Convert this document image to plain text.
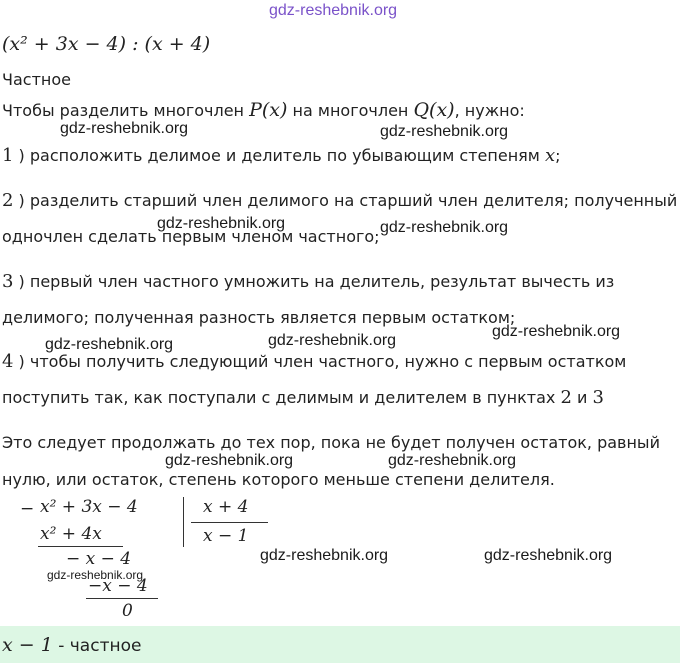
gdz-reshebnik.org
gdz-reshebnik.org	gdz-reshebnik.org
gdz-reshebnik.org	gdz-reshebnik.org
gdz-reshebnik.org
gdz-reshebnik.org	gdz-reshebnik.org
gdz-reshebnik.org	gdz-reshebnik.org
gdz-reshebnik.org	gdz-reshebnik.org
gdz-reshebnik.org
(x² + 3x − 4) : (x + 4)
Частное
Чтобы разделить многочлен P(x) на многочлен Q(x), нужно:
1 ) расположить делимое и делитель по убывающим степеням x;
2 ) разделить старший член делимого на старший член делителя; полученный
одночлен сделать первым членом частного;
3 ) первый член частного умножить на делитель, результат вычесть из
делимого; полученная разность является первым остатком;
4 ) чтобы получить следующий член частного, нужно с первым остатком
поступить так, как поступали с делимым и делителем в пунктах 2 и 3
Это следует продолжать до тех пор, пока не будет получен остаток, равный
нулю, или остаток, степень которого меньше степени делителя.
− x² + 3x − 4
x² + 4x
− x − 4
−x − 4
0
x + 4
x − 1
x − 1 - частное
